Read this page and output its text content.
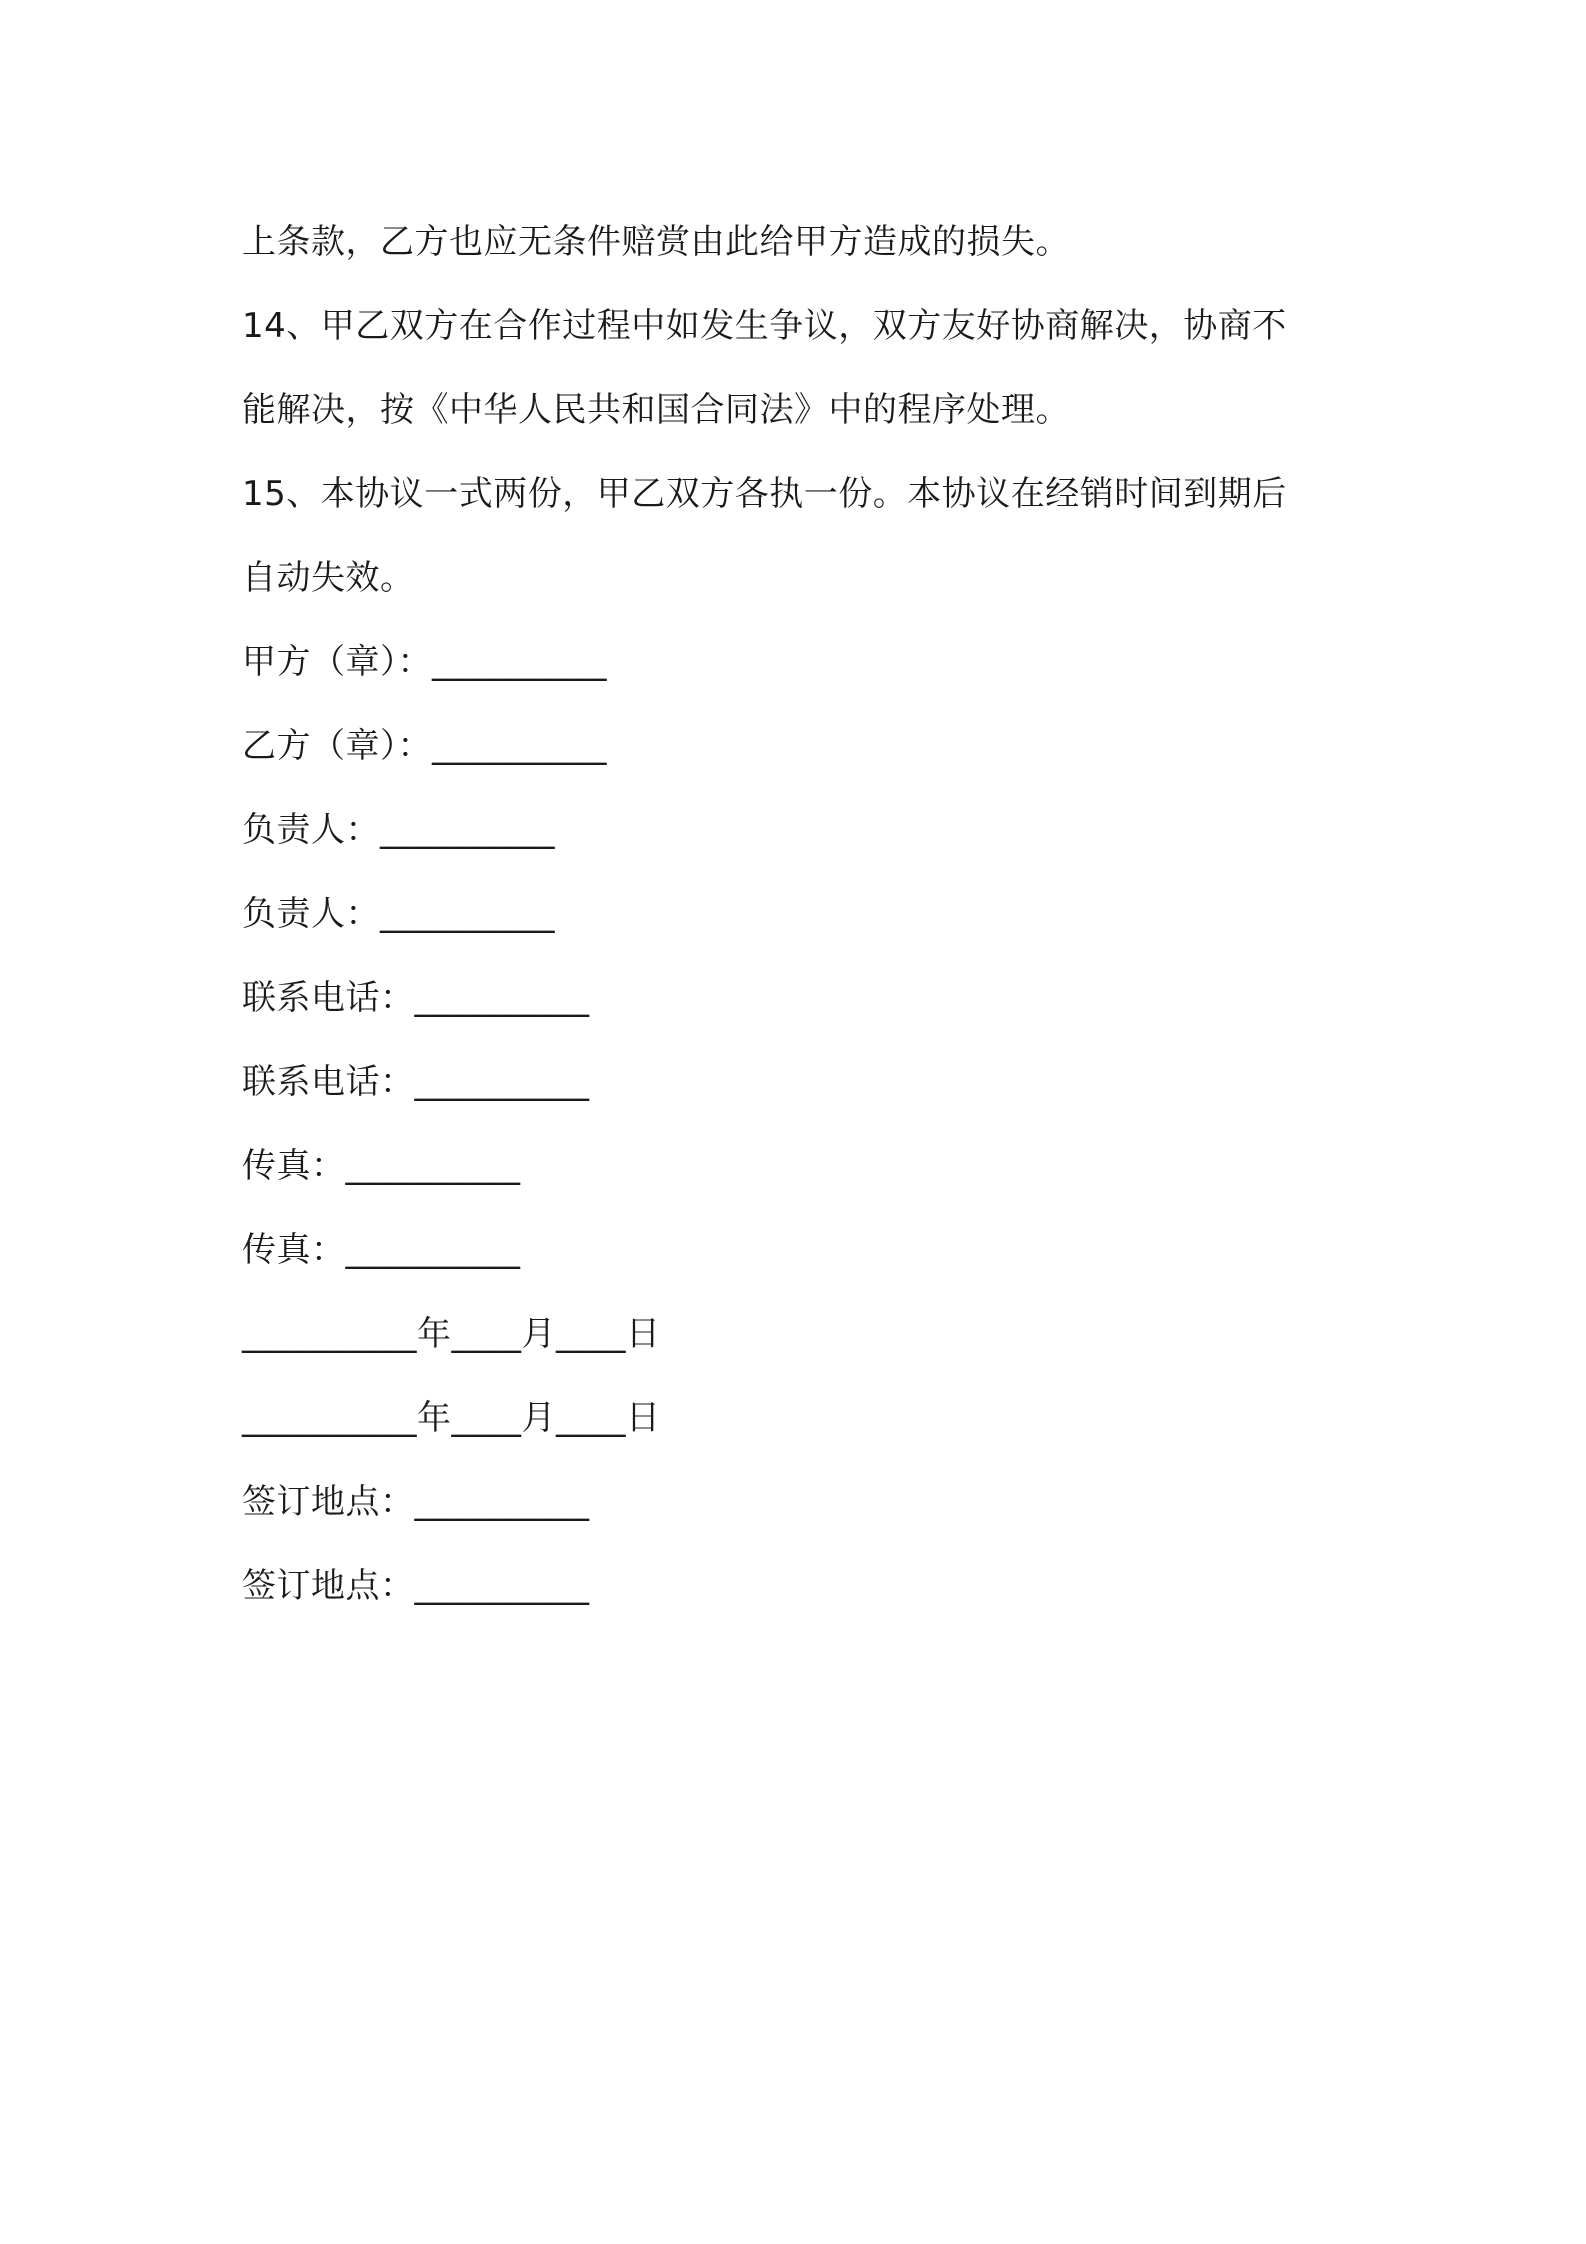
上条款，乙方也应无条件赔赏由此给甲方造成的损失。
14、甲乙双方在合作过程中如发生争议，双方友好协商解决，协商不
能解决，按《中华人民共和国合同法》中的程序处理。
15、本协议一式两份，甲乙双方各执一份。本协议在经销时间到期后
自动失效。
甲方（章）：__________
乙方（章）：__________
负责人：__________
负责人：__________
联系电话：__________
联系电话：__________
传真：__________
传真：__________
__________年____月____日
__________年____月____日
签订地点：__________
签订地点：__________
